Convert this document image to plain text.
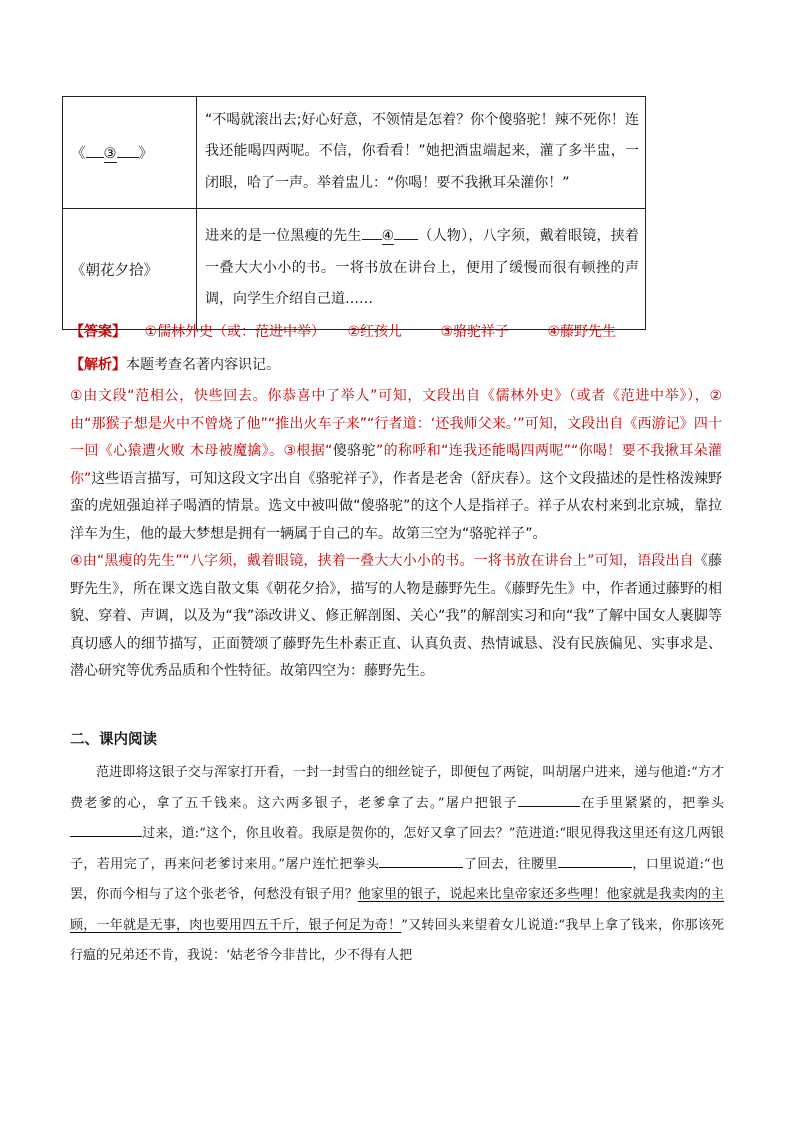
《 ③ 》	“不喝就滚出去;好心好意，不领情是怎着？你个傻骆驼！辣不死你！连我还能喝四两呢。不信，你看看！”她把酒盅端起来，灌了多半盅，一闭眼，哈了一声。举着盅儿：“你喝！要不我揪耳朵灌你！”
《朝花夕拾》	进来的是一位黑瘦的先生 ④ （人物），八字须，戴着眼镜，挟着一叠大大小小的书。一将书放在讲台上，便用了缓慢而很有顿挫的声调，向学生介绍自己道……
【答案】 ①儒林外史（或：范进中举） ②红孩儿	③骆驼祥子	④藤野先生
【解析】本题考查名著内容识记。

①由文段“范相公，快些回去。你恭喜中了举人”可知，文段出自《儒林外史》（或者《范进中举》），②由“那猴子想是火中不曾烧了他”“推出火车子来”“行者道：‘还我师父来。’”可知，文段出自《西游记》四十一回《心猿遭火败 木母被魔擒》。③根据“傻骆驼”的称呼和“连我还能喝四两呢”“你喝！要不我揪耳朵灌你”这些语言描写，可知这段文字出自《骆驼祥子》，作者是老舍（舒庆春）。这个文段描述的是性格泼辣野蛮的虎妞强迫祥子喝酒的情景。选文中被叫做“傻骆驼”的这个人是指祥子。祥子从农村来到北京城，靠拉洋车为生，他的最大梦想是拥有一辆属于自己的车。故第三空为“骆驼祥子”。

④由“黑瘦的先生”“八字须，戴着眼镜，挟着一叠大大小小的书。一将书放在讲台上”可知，语段出自《藤野先生》，所在课文选自散文集《朝花夕拾》，描写的人物是藤野先生。《藤野先生》中，作者通过藤野的相貌、穿着、声调，以及为“我”添改讲义、修正解剖图、关心“我”的解剖实习和向“我”了解中国女人裹脚等真切感人的细节描写，正面赞颂了藤野先生朴素正直、认真负责、热情诚恳、没有民族偏见、实事求是、潜心研究等优秀品质和个性特征。故第四空为：藤野先生。

二、课内阅读

范进即将这银子交与浑家打开看，一封一封雪白的细丝锭子，即便包了两锭，叫胡屠户进来，递与他道:“方才费老爹的心，拿了五千钱来。这六两多银子，老爹拿了去。”屠户把银子	在手里紧紧的，把拳头过来，道:“这个，你且收着。我原是贺你的，怎好又拿了回去？”范进道:“眼见得我这里还有这几两银子，若用完了，再来问老爹讨来用。”屠户连忙把拳头	了回去，往腰里	，口里说道:“也罢，你而今相与了这个张老爷，何愁没有银子用？他家里的银子，说起来比皇帝家还多些哩！他家就是我卖肉的主顾，一年就是无事，肉也要用四五千斤，银子何足为奇！”又转回头来望着女儿说道:“我早上拿了钱来，你那该死行瘟的兄弟还不肯，我说：‘姑老爷今非昔比，少不得有人把
